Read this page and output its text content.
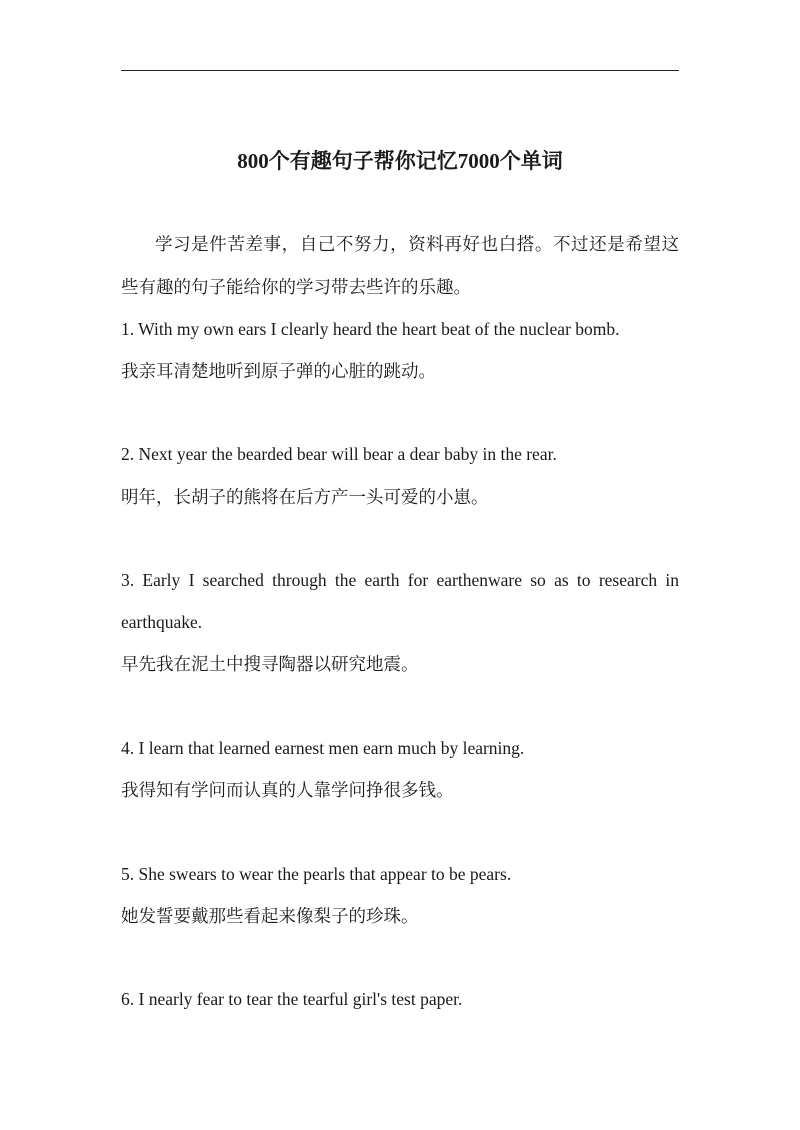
800个有趣句子帮你记忆7000个单词
学习是件苦差事，自己不努力，资料再好也白搭。不过还是希望这
些有趣的句子能给你的学习带去些许的乐趣。
1. With my own ears I clearly heard the heart beat of the nuclear bomb.
我亲耳清楚地听到原子弹的心脏的跳动。
2. Next year the bearded bear will bear a dear baby in the rear.
明年，长胡子的熊将在后方产一头可爱的小崽。
3. Early I searched through the earth for earthenware so as to research in
earthquake.
早先我在泥土中搜寻陶器以研究地震。
4. I learn that learned earnest men earn much by learning.
我得知有学问而认真的人靠学问挣很多钱。
5. She swears to wear the pearls that appear to be pears.
她发誓要戴那些看起来像梨子的珍珠。
6. I nearly fear to tear the tearful girl's test paper.
